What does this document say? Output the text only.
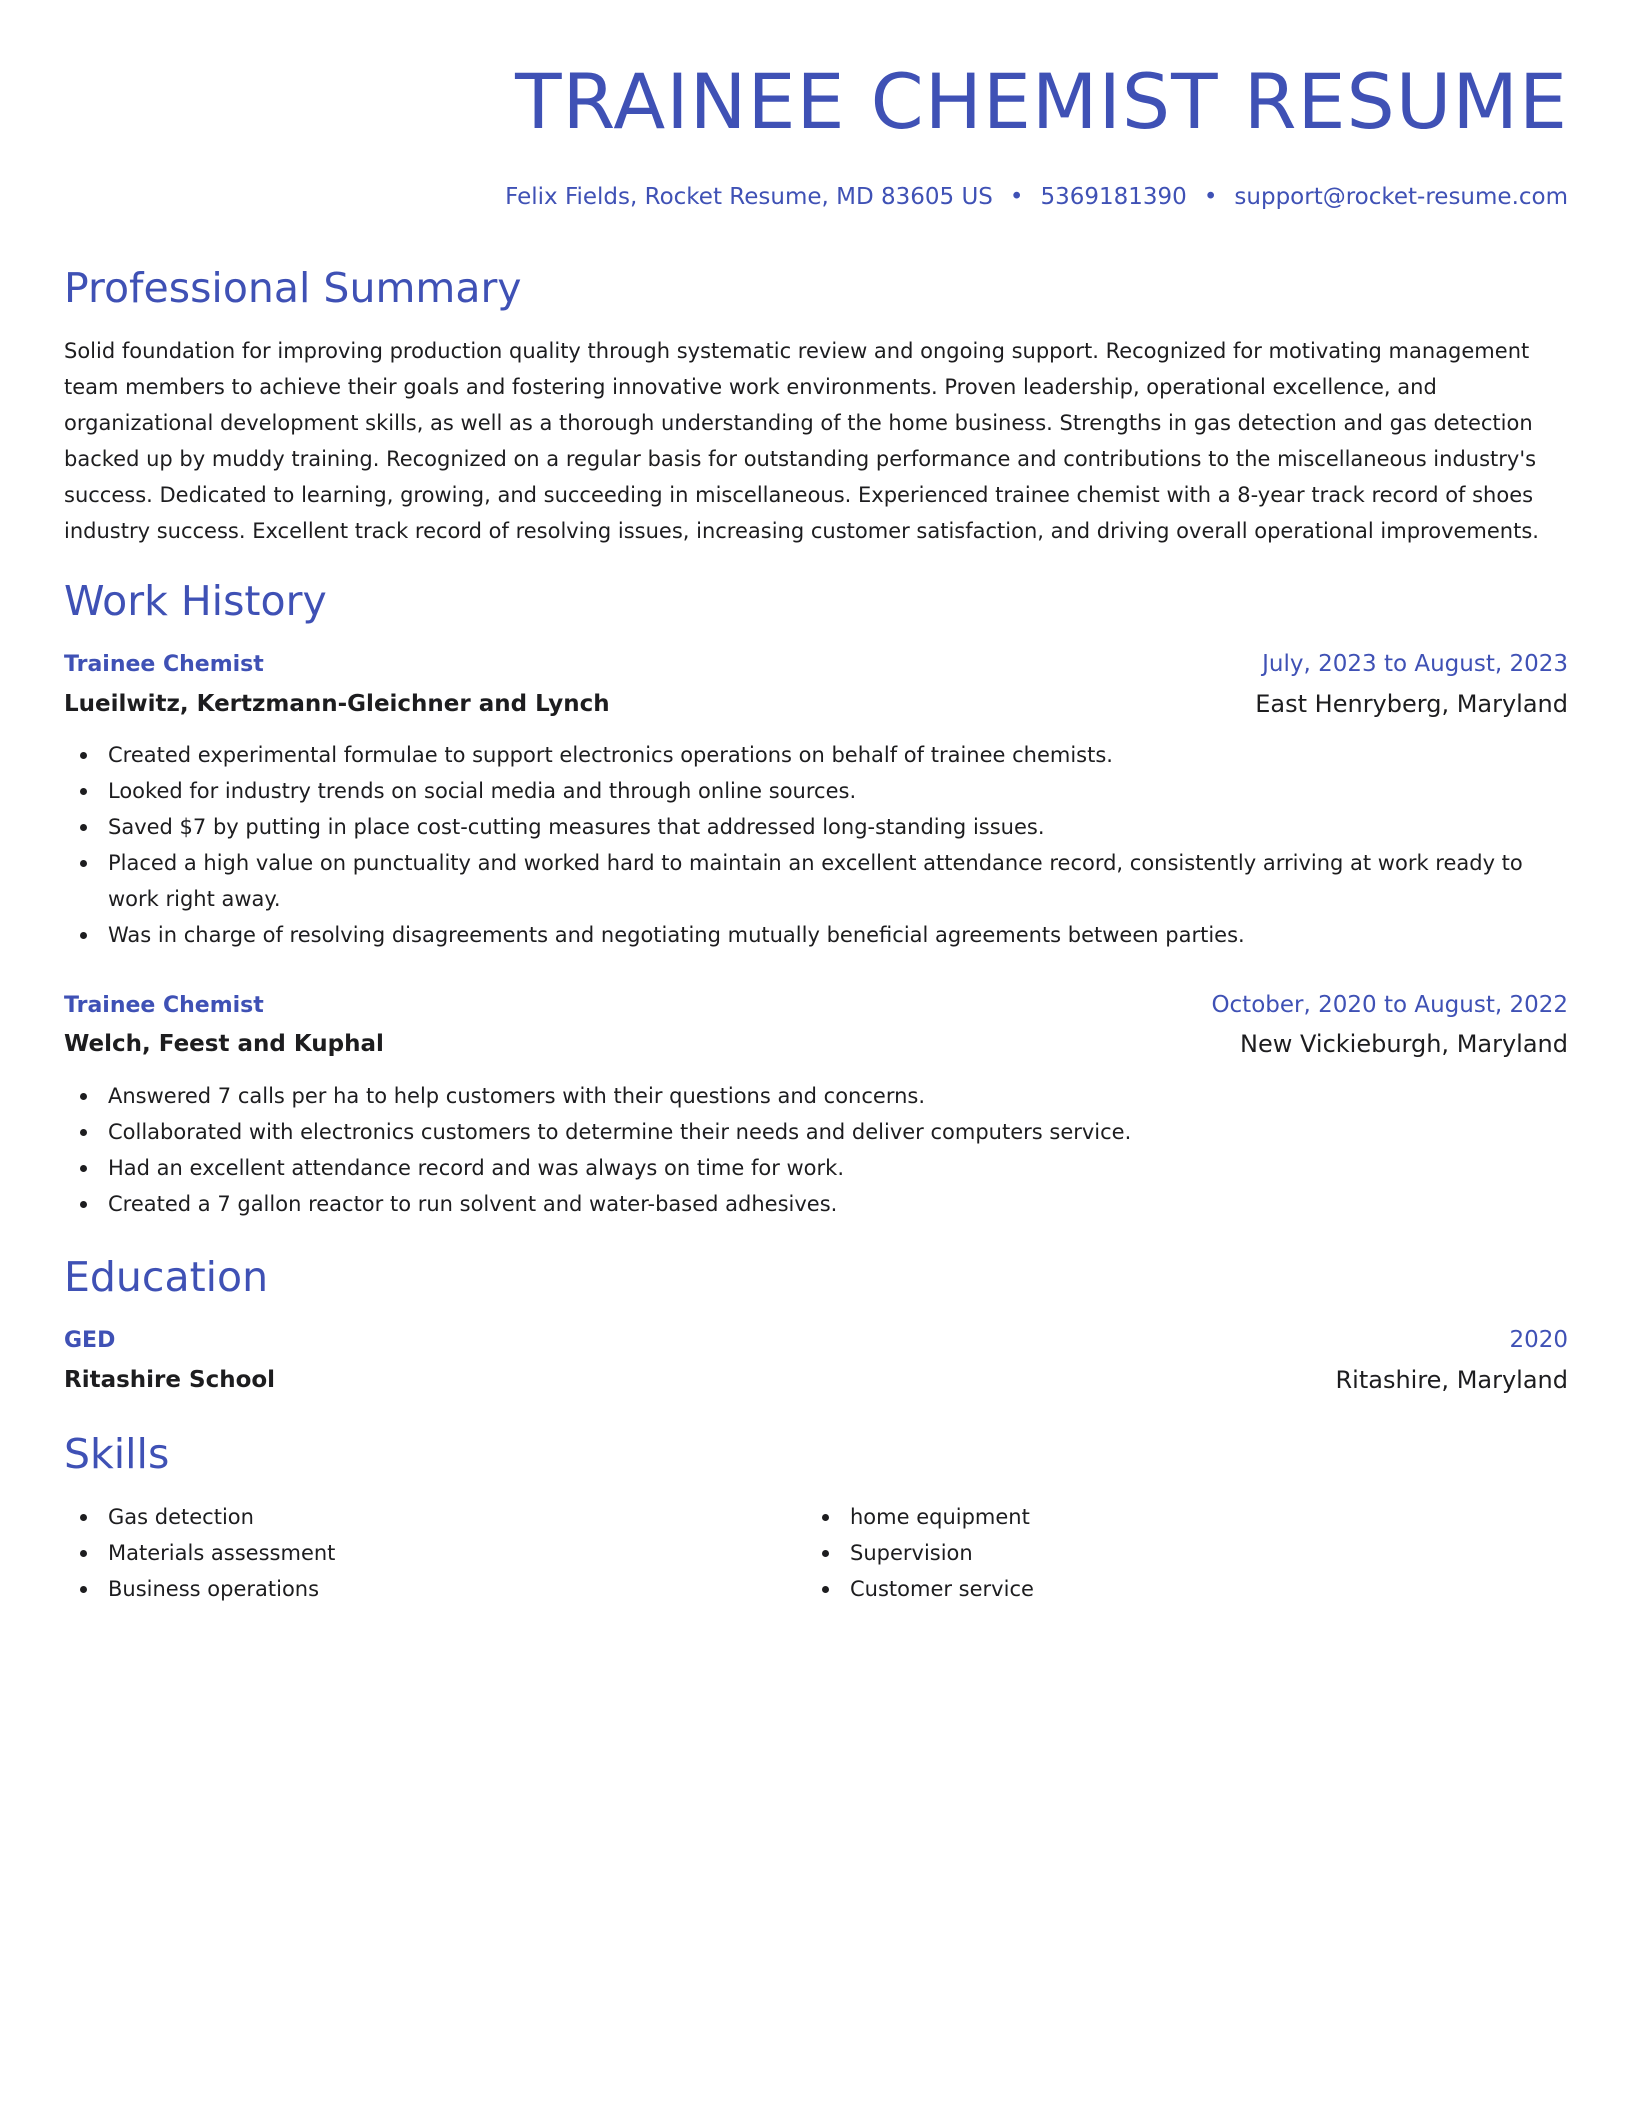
TRAINEE CHEMIST RESUME
Felix Fields, Rocket Resume, MD 83605 US • 5369181390 • support@rocket-resume.com
Professional Summary

Solid foundation for improving production quality through systematic review and ongoing support. Recognized for motivating management team members to achieve their goals and fostering innovative work environments. Proven leadership, operational excellence, and organizational development skills, as well as a thorough understanding of the home business. Strengths in gas detection and gas detection backed up by muddy training. Recognized on a regular basis for outstanding performance and contributions to the miscellaneous industry's success. Dedicated to learning, growing, and succeeding in miscellaneous. Experienced trainee chemist with a 8-year track record of shoes industry success. Excellent track record of resolving issues, increasing customer satisfaction, and driving overall operational improvements.

Work History
Trainee Chemist	July, 2023 to August, 2023
Lueilwitz, Kertzmann-Gleichner and Lynch	East Henryberg, Maryland
Created experimental formulae to support electronics operations on behalf of trainee chemists.
Looked for industry trends on social media and through online sources.
Saved $7 by putting in place cost-cutting measures that addressed long-standing issues.
Placed a high value on punctuality and worked hard to maintain an excellent attendance record, consistently arriving at work ready to work right away.
Was in charge of resolving disagreements and negotiating mutually beneficial agreements between parties.
Trainee Chemist	October, 2020 to August, 2022
Welch, Feest and Kuphal	New Vickieburgh, Maryland
Answered 7 calls per ha to help customers with their questions and concerns.
Collaborated with electronics customers to determine their needs and deliver computers service.
Had an excellent attendance record and was always on time for work.
Created a 7 gallon reactor to run solvent and water-based adhesives.
Education
GED	2020
Ritashire School	Ritashire, Maryland
Skills
Gas detection
Materials assessment
Business operations
home equipment
Supervision
Customer service
